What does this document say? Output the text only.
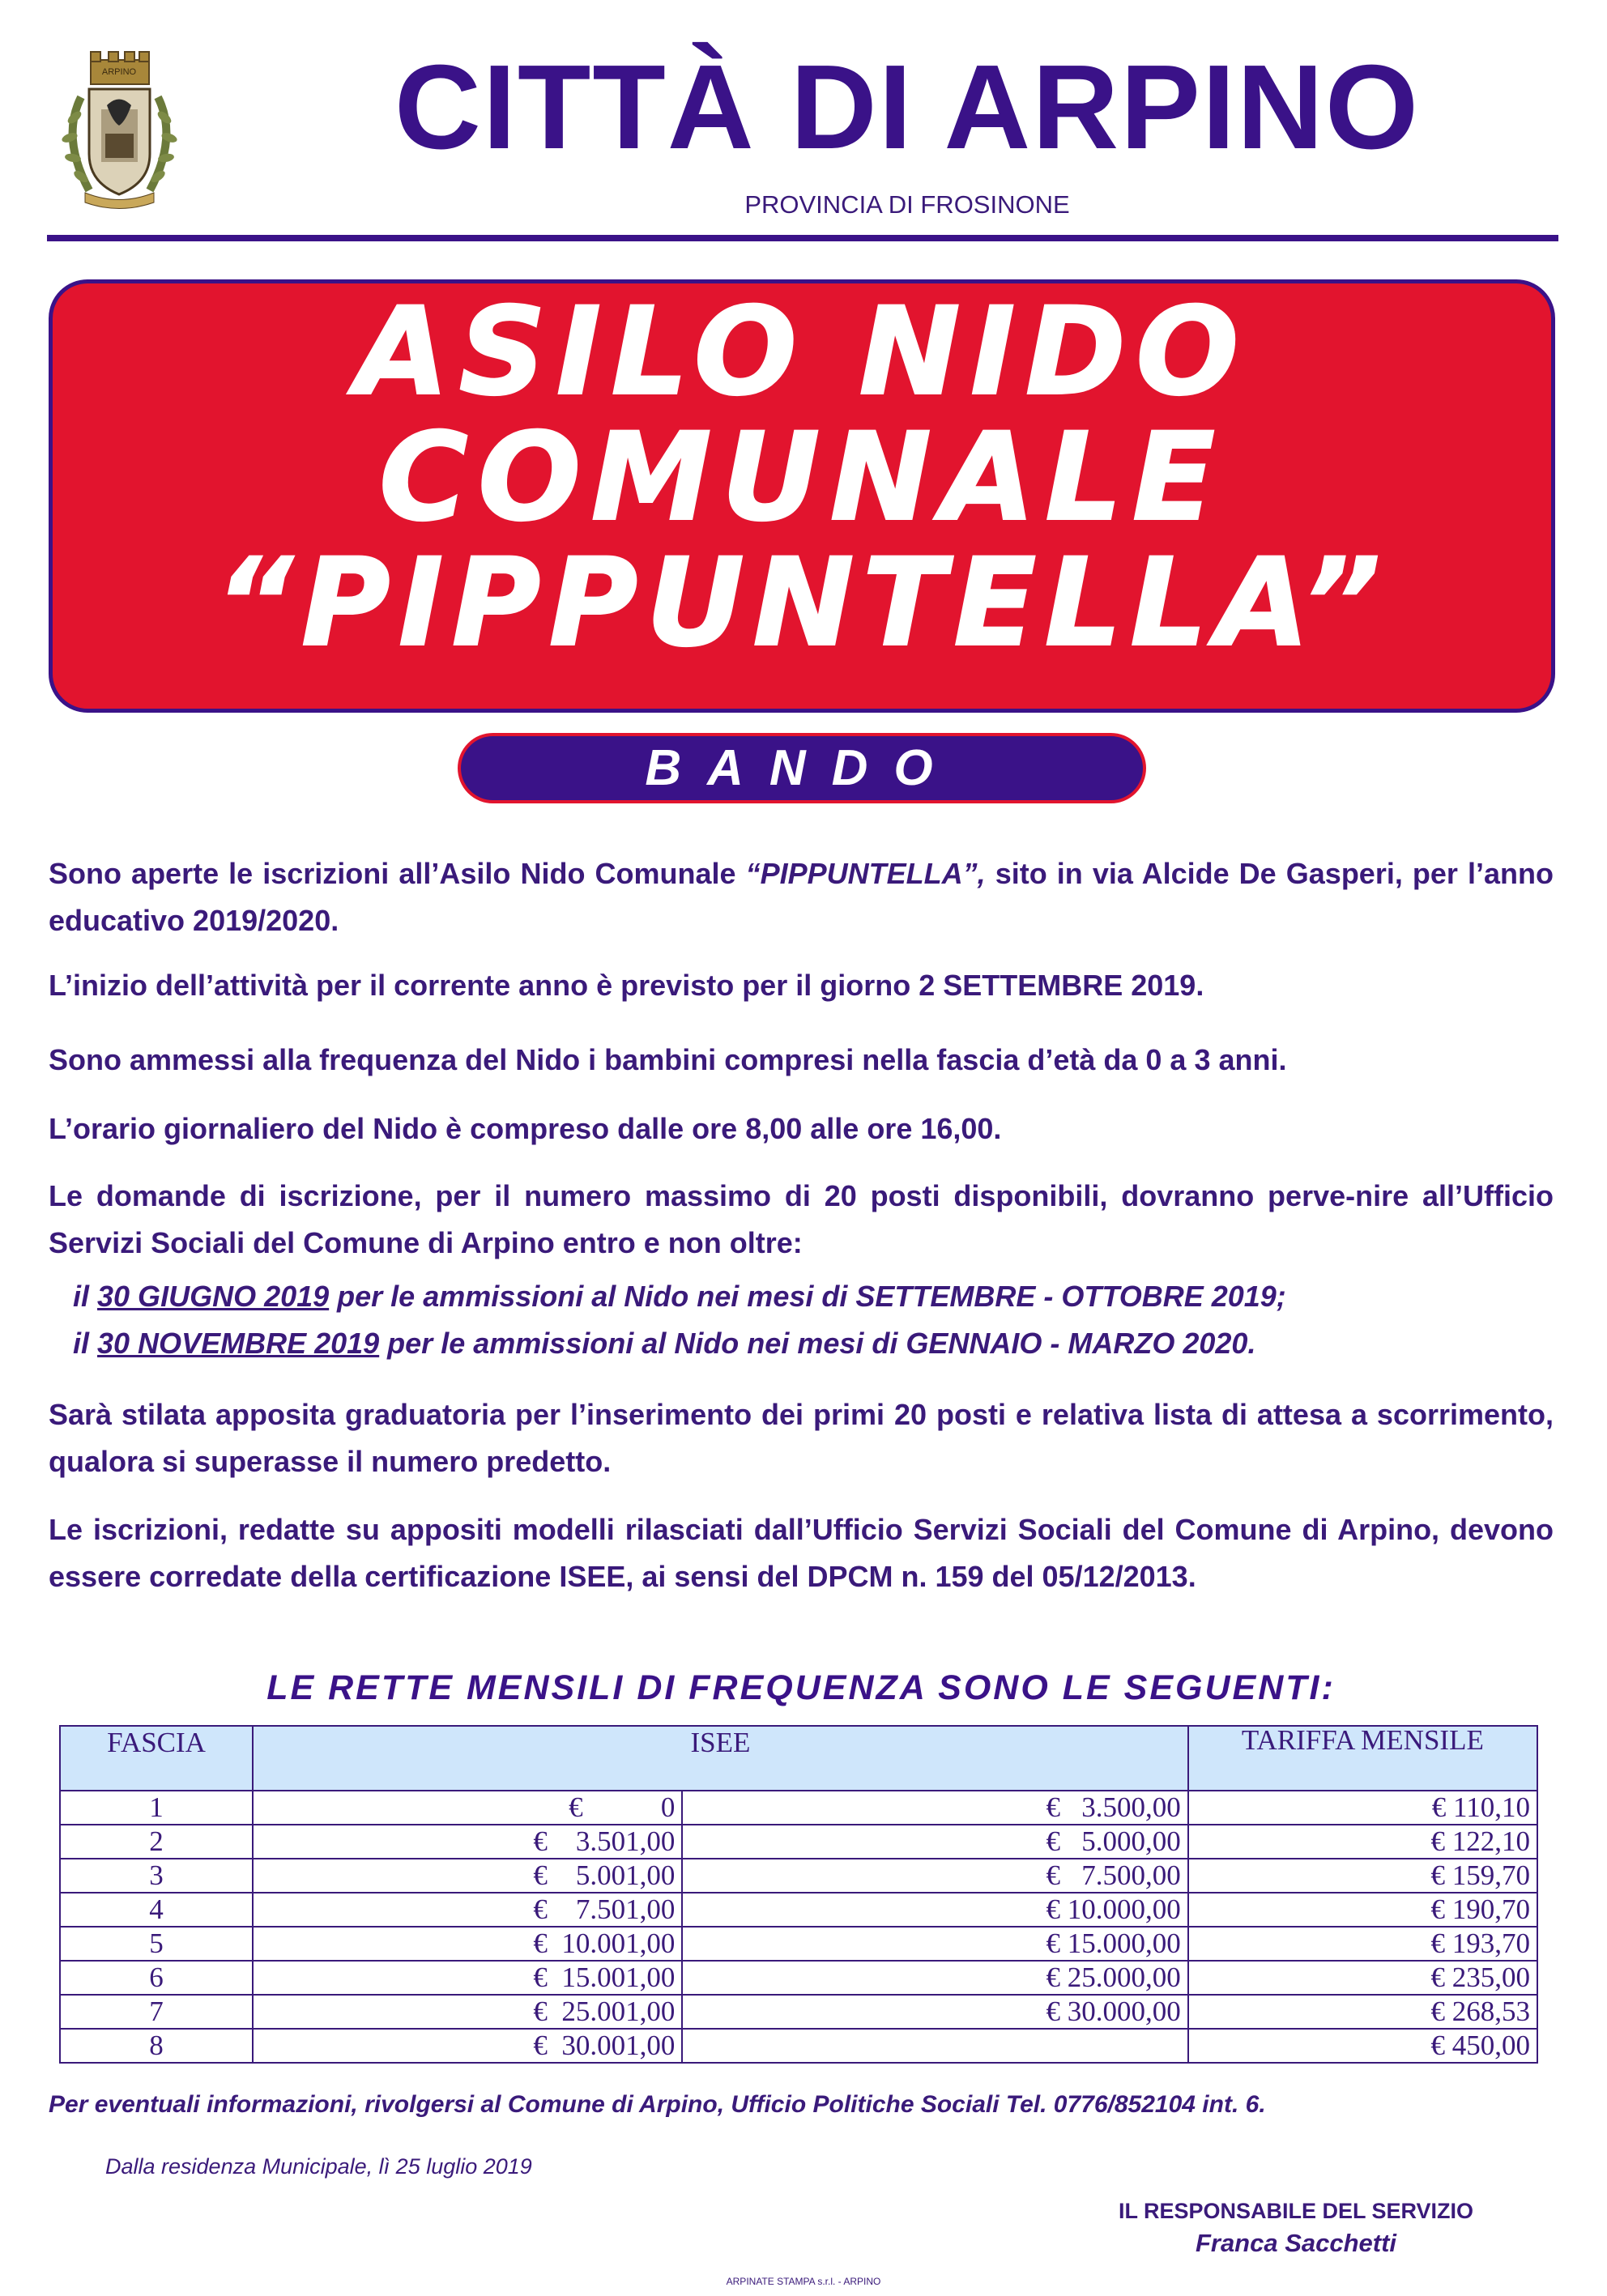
ARPINO	CITTÀ DI ARPINO
PROVINCIA DI FROSINONE
ASILO NIDO
COMUNALE
“PIPPUNTELLA”
BANDO
Sono aperte le iscrizioni all’Asilo Nido Comunale “PIPPUNTELLA”, sito in via Alcide De Gasperi, per l’anno educativo 2019/2020.
L’inizio dell’attività per il corrente anno è previsto per il giorno 2 SETTEMBRE 2019.
Sono ammessi alla frequenza del Nido i bambini compresi nella fascia d’età da 0 a 3 anni.
L’orario giornaliero del Nido è compreso dalle ore 8,00 alle ore 16,00.
Le domande di iscrizione, per il numero massimo di 20 posti disponibili, dovranno perve-nire all’Ufficio Servizi Sociali del Comune di Arpino entro e non oltre:
il 30 GIUGNO 2019 per le ammissioni al Nido nei mesi di SETTEMBRE - OTTOBRE 2019;
il 30 NOVEMBRE 2019 per le ammissioni al Nido nei mesi di GENNAIO - MARZO 2020.
Sarà stilata apposita graduatoria per l’inserimento dei primi 20 posti e relativa lista di attesa a scorrimento, qualora si superasse il numero predetto.
Le iscrizioni, redatte su appositi modelli rilasciati dall’Ufficio Servizi Sociali del Comune di Arpino, devono essere corredate della certificazione ISEE, ai sensi del DPCM n. 159 del 05/12/2013.
LE RETTE MENSILI DI FREQUENZA SONO LE SEGUENTI:
FASCIA	ISEE		TARIFFA MENSILE
1	€           0	€   3.500,00	€ 110,10
2	€    3.501,00	€   5.000,00	€ 122,10
3	€    5.001,00	€   7.500,00	€ 159,70
4	€    7.501,00	€ 10.000,00	€ 190,70
5	€  10.001,00	€ 15.000,00	€ 193,70
6	€  15.001,00	€ 25.000,00	€ 235,00
7	€  25.001,00	€ 30.000,00	€ 268,53
8	€  30.001,00		€ 450,00
Per eventuali informazioni, rivolgersi al Comune di Arpino, Ufficio Politiche Sociali Tel. 0776/852104 int. 6.
Dalla residenza Municipale, lì 25 luglio 2019
IL RESPONSABILE DEL SERVIZIO
Franca Sacchetti
ARPINATE STAMPA s.r.l. - ARPINO
